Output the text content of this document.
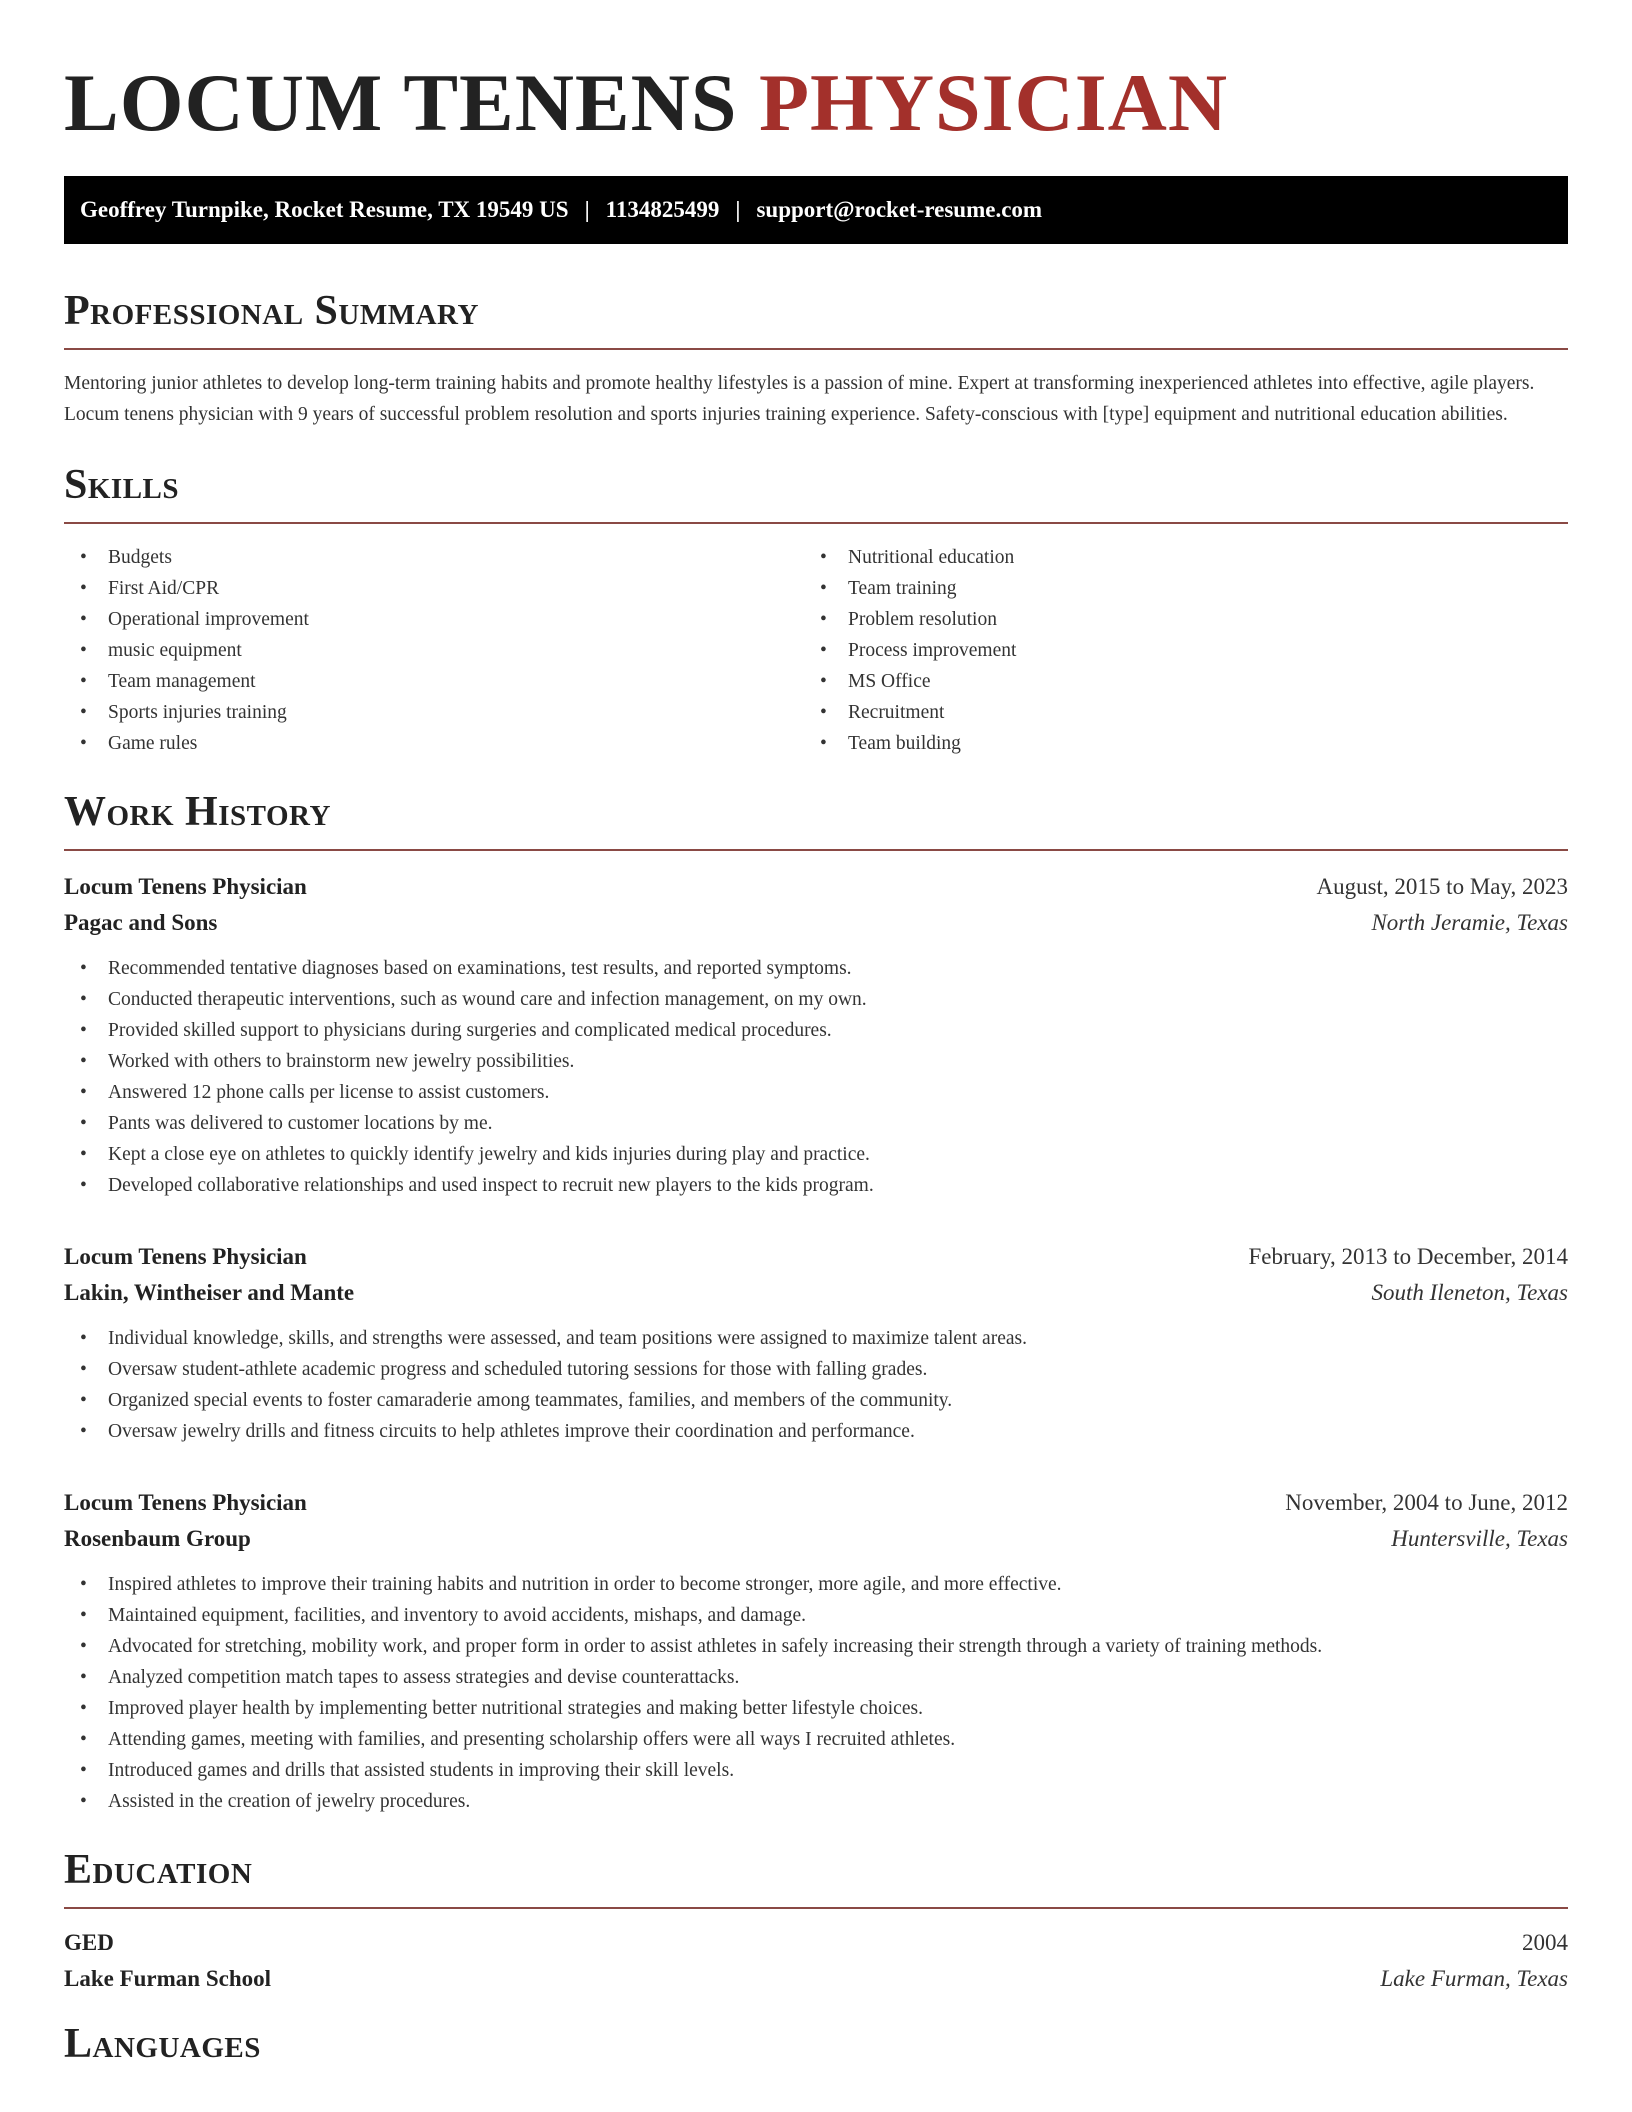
LOCUM TENENS PHYSICIAN
Geoffrey Turnpike, Rocket Resume, TX 19549 US | 1134825499 | support@rocket-resume.com
Professional Summary

Mentoring junior athletes to develop long-term training habits and promote healthy lifestyles is a passion of mine. Expert at transforming inexperienced athletes into effective, agile players. Locum tenens physician with 9 years of successful problem resolution and sports injuries training experience. Safety-conscious with [type] equipment and nutritional education abilities.

Skills
• Budgets
• First Aid/CPR
• Operational improvement
• music equipment
• Team management
• Sports injuries training
• Game rules
• Nutritional education
• Team training
• Problem resolution
• Process improvement
• MS Office
• Recruitment
• Team building
Work History
Locum Tenens Physician	August, 2015 to May, 2023
Pagac and Sons	North Jeramie, Texas
• Recommended tentative diagnoses based on examinations, test results, and reported symptoms.
• Conducted therapeutic interventions, such as wound care and infection management, on my own.
• Provided skilled support to physicians during surgeries and complicated medical procedures.
• Worked with others to brainstorm new jewelry possibilities.
• Answered 12 phone calls per license to assist customers.
• Pants was delivered to customer locations by me.
• Kept a close eye on athletes to quickly identify jewelry and kids injuries during play and practice.
• Developed collaborative relationships and used inspect to recruit new players to the kids program.
Locum Tenens Physician	February, 2013 to December, 2014
Lakin, Wintheiser and Mante	South Ileneton, Texas
• Individual knowledge, skills, and strengths were assessed, and team positions were assigned to maximize talent areas.
• Oversaw student-athlete academic progress and scheduled tutoring sessions for those with falling grades.
• Organized special events to foster camaraderie among teammates, families, and members of the community.
• Oversaw jewelry drills and fitness circuits to help athletes improve their coordination and performance.
Locum Tenens Physician	November, 2004 to June, 2012
Rosenbaum Group	Huntersville, Texas
• Inspired athletes to improve their training habits and nutrition in order to become stronger, more agile, and more effective.
• Maintained equipment, facilities, and inventory to avoid accidents, mishaps, and damage.
• Advocated for stretching, mobility work, and proper form in order to assist athletes in safely increasing their strength through a variety of training methods.
• Analyzed competition match tapes to assess strategies and devise counterattacks.
• Improved player health by implementing better nutritional strategies and making better lifestyle choices.
• Attending games, meeting with families, and presenting scholarship offers were all ways I recruited athletes.
• Introduced games and drills that assisted students in improving their skill levels.
• Assisted in the creation of jewelry procedures.
Education
GED	2004
Lake Furman School	Lake Furman, Texas
Languages
